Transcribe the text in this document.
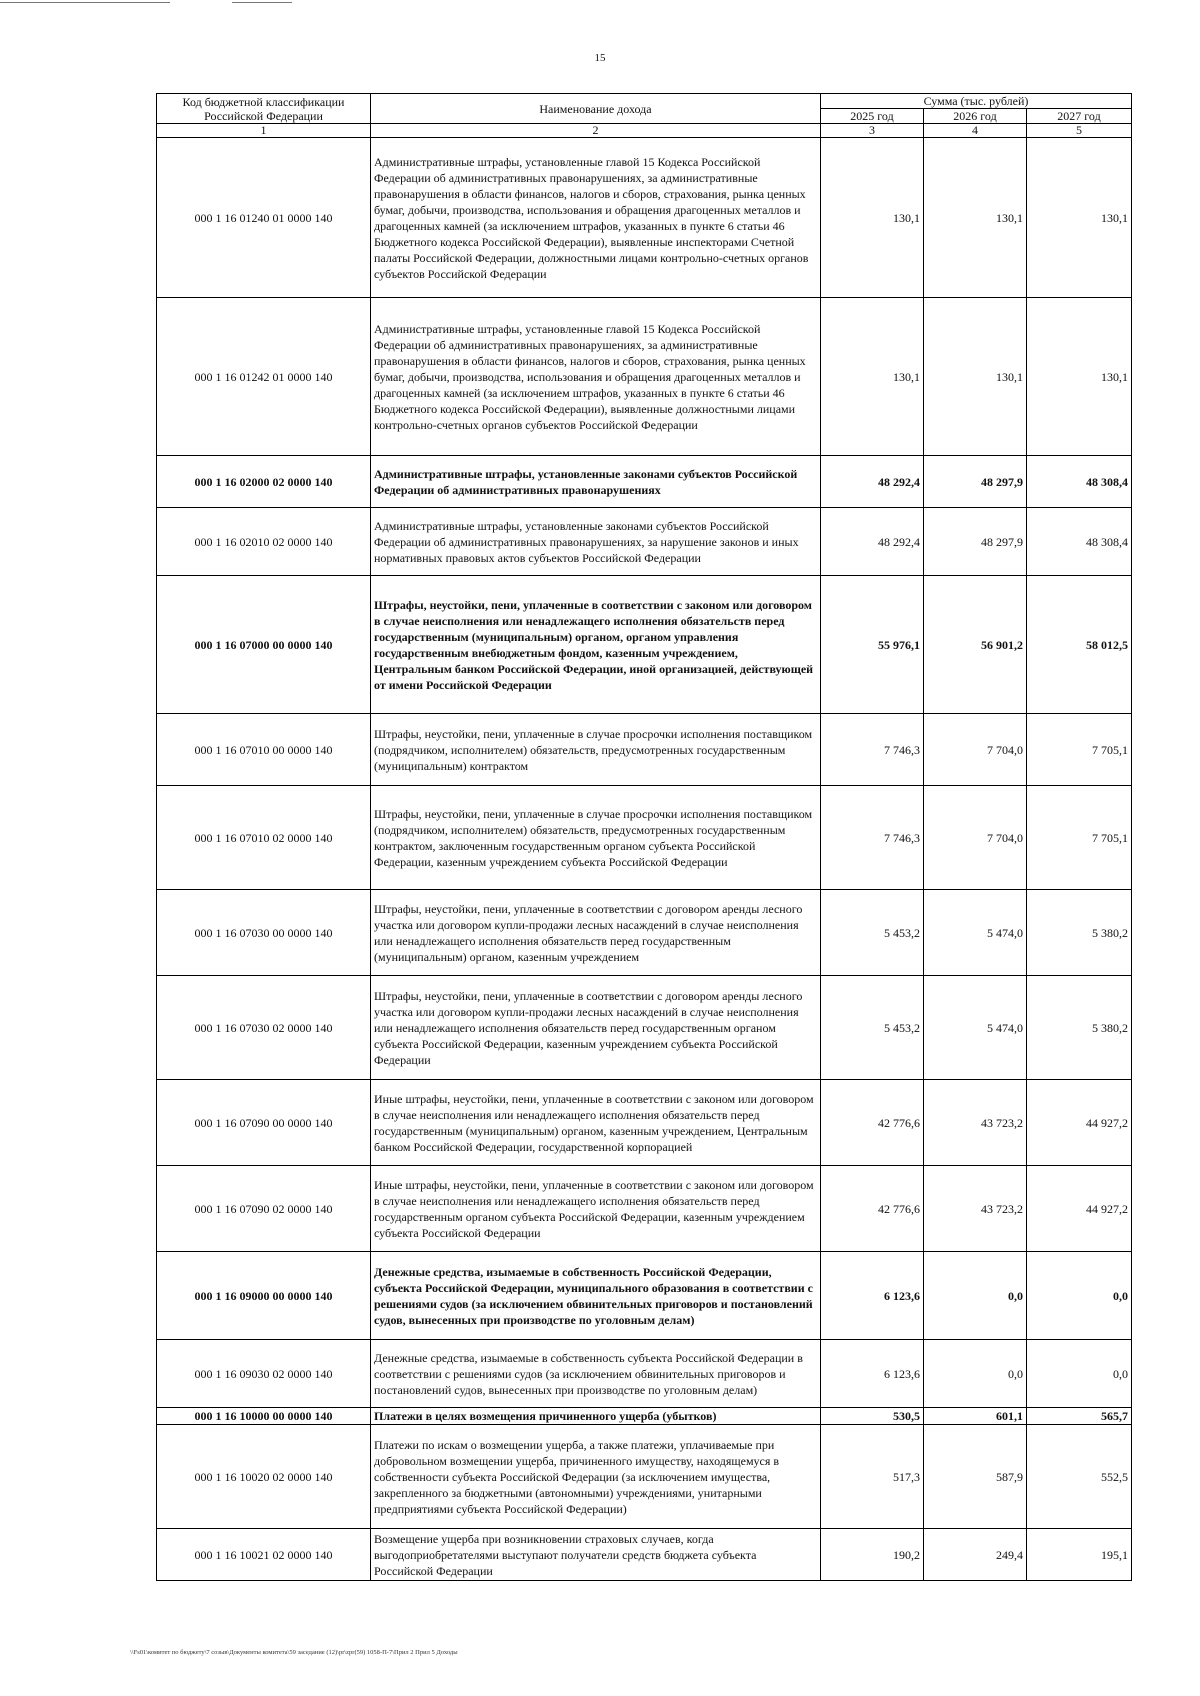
15
Код бюджетной классификации Российской Федерации	Наименование дохода	Сумма (тыс. рублей)		
		2025 год	2026 год	2027 год
1	2	3	4	5
000 1 16 01240 01 0000 140	Административные штрафы, установленные главой 15 Кодекса Российской Федерации об административных правонарушениях, за административные правонарушения в области финансов, налогов и сборов, страхования, рынка ценных бумаг, добычи, производства, использования и обращения драгоценных металлов и драгоценных камней (за исключением штрафов, указанных в пункте 6 статьи 46 Бюджетного кодекса Российской Федерации), выявленные инспекторами Счетной палаты Российской Федерации, должностными лицами контрольно-счетных органов субъектов Российской Федерации	130,1	130,1	130,1
000 1 16 01242 01 0000 140	Административные штрафы, установленные главой 15 Кодекса Российской Федерации об административных правонарушениях, за административные правонарушения в области финансов, налогов и сборов, страхования, рынка ценных бумаг, добычи, производства, использования и обращения драгоценных металлов и драгоценных камней (за исключением штрафов, указанных в пункте 6 статьи 46 Бюджетного кодекса Российской Федерации), выявленные должностными лицами контрольно-счетных органов субъектов Российской Федерации	130,1	130,1	130,1
000 1 16 02000 02 0000 140	Административные штрафы, установленные законами субъектов Российской Федерации об административных правонарушениях	48 292,4	48 297,9	48 308,4
000 1 16 02010 02 0000 140	Административные штрафы, установленные законами субъектов Российской Федерации об административных правонарушениях, за нарушение законов и иных нормативных правовых актов субъектов Российской Федерации	48 292,4	48 297,9	48 308,4
000 1 16 07000 00 0000 140	Штрафы, неустойки, пени, уплаченные в соответствии с законом или договором в случае неисполнения или ненадлежащего исполнения обязательств перед государственным (муниципальным) органом, органом управления государственным внебюджетным фондом, казенным учреждением, Центральным банком Российской Федерации, иной организацией, действующей от имени Российской Федерации	55 976,1	56 901,2	58 012,5
000 1 16 07010 00 0000 140	Штрафы, неустойки, пени, уплаченные в случае просрочки исполнения поставщиком (подрядчиком, исполнителем) обязательств, предусмотренных государственным (муниципальным) контрактом	7 746,3	7 704,0	7 705,1
000 1 16 07010 02 0000 140	Штрафы, неустойки, пени, уплаченные в случае просрочки исполнения поставщиком (подрядчиком, исполнителем) обязательств, предусмотренных государственным контрактом, заключенным государственным органом субъекта Российской Федерации, казенным учреждением субъекта Российской Федерации	7 746,3	7 704,0	7 705,1
000 1 16 07030 00 0000 140	Штрафы, неустойки, пени, уплаченные в соответствии с договором аренды лесного участка или договором купли-продажи лесных насаждений в случае неисполнения или ненадлежащего исполнения обязательств перед государственным (муниципальным) органом, казенным учреждением	5 453,2	5 474,0	5 380,2
000 1 16 07030 02 0000 140	Штрафы, неустойки, пени, уплаченные в соответствии с договором аренды лесного участка или договором купли-продажи лесных насаждений в случае неисполнения или ненадлежащего исполнения обязательств перед государственным органом субъекта Российской Федерации, казенным учреждением субъекта Российской Федерации	5 453,2	5 474,0	5 380,2
000 1 16 07090 00 0000 140	Иные штрафы, неустойки, пени, уплаченные в соответствии с законом или договором в случае неисполнения или ненадлежащего исполнения обязательств перед государственным (муниципальным) органом, казенным учреждением, Центральным банком Российской Федерации, государственной корпорацией	42 776,6	43 723,2	44 927,2
000 1 16 07090 02 0000 140	Иные штрафы, неустойки, пени, уплаченные в соответствии с законом или договором в случае неисполнения или ненадлежащего исполнения обязательств перед государственным органом субъекта Российской Федерации, казенным учреждением субъекта Российской Федерации	42 776,6	43 723,2	44 927,2
000 1 16 09000 00 0000 140	Денежные средства, изымаемые в собственность Российской Федерации, субъекта Российской Федерации, муниципального образования в соответствии с решениями судов (за исключением обвинительных приговоров и постановлений судов, вынесенных при производстве по уголовным делам)	6 123,6	0,0	0,0
000 1 16 09030 02 0000 140	Денежные средства, изымаемые в собственность субъекта Российской Федерации в соответствии с решениями судов (за исключением обвинительных приговоров и постановлений судов, вынесенных при производстве по уголовным делам)	6 123,6	0,0	0,0
000 1 16 10000 00 0000 140	Платежи в целях возмещения причиненного ущерба (убытков)	530,5	601,1	565,7
000 1 16 10020 02 0000 140	Платежи по искам о возмещении ущерба, а также платежи, уплачиваемые при добровольном возмещении ущерба, причиненного имуществу, находящемуся в собственности субъекта Российской Федерации (за исключением имущества, закрепленного за бюджетными (автономными) учреждениями, унитарными предприятиями субъекта Российской Федерации)	517,3	587,9	552,5
000 1 16 10021 02 0000 140	Возмещение ущерба при возникновении страховых случаев, когда выгодоприобретателями выступают получатели средств бюджета субъекта Российской Федерации	190,2	249,4	195,1
\\Fs01\комитет по бюджету\7 созыв\Документы комитета\59 заседание (12)\pr\zpr(59) 1058-П-7\Прил 2 Прил 5 Доходы
